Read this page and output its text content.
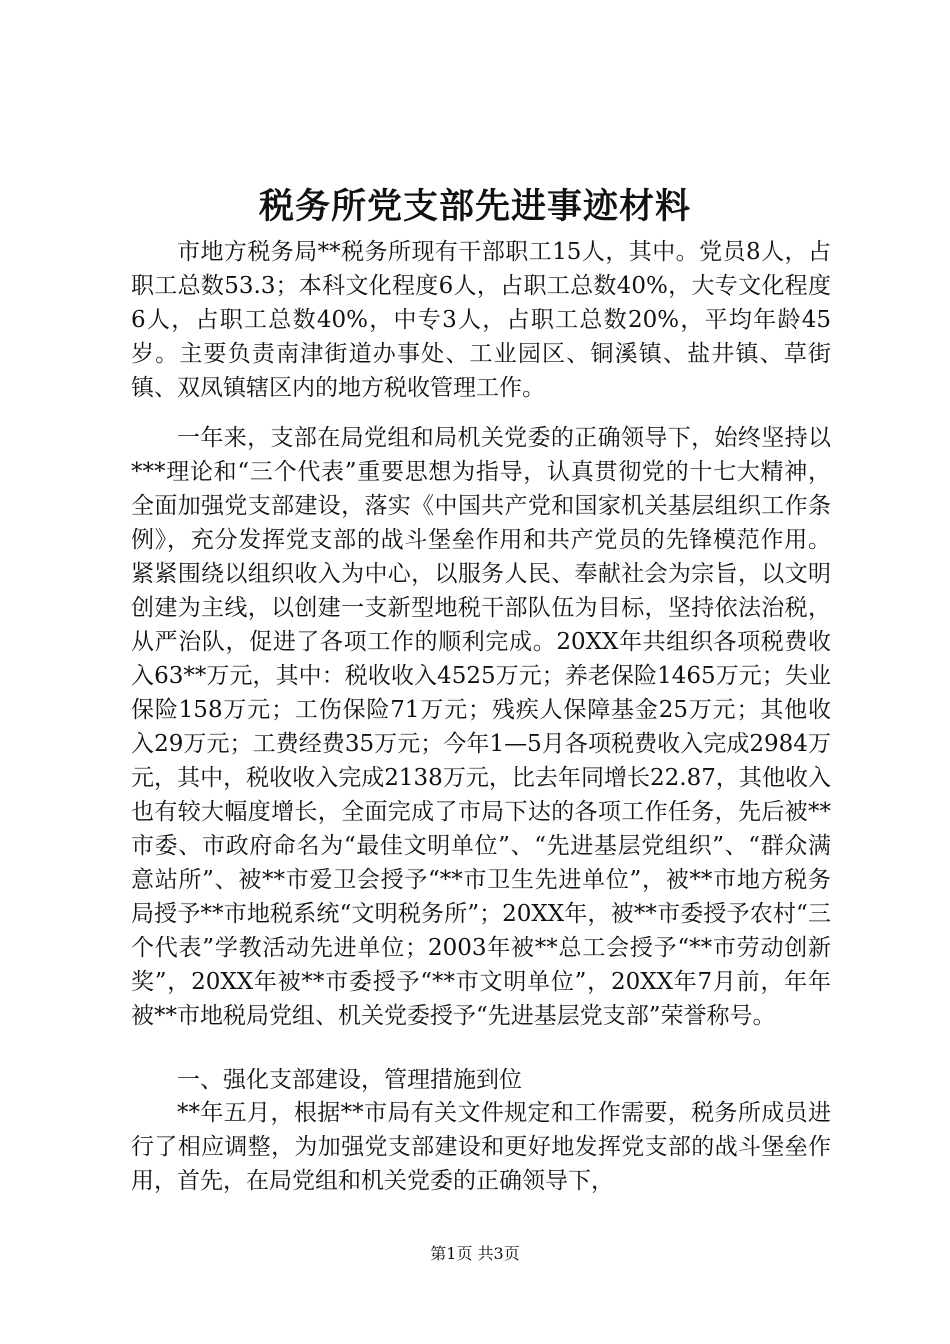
税务所党支部先进事迹材料

市地方税务局**税务所现有干部职工15人，其中。党员8人，占职工总数53.3；本科文化程度6人，占职工总数40%，大专文化程度6人，占职工总数40%，中专3人，占职工总数20%，平均年龄45岁。主要负责南津街道办事处、工业园区、铜溪镇、盐井镇、草街镇、双凤镇辖区内的地方税收管理工作。

一年来，支部在局党组和局机关党委的正确领导下，始终坚持以***理论和“三个代表”重要思想为指导，认真贯彻党的十七大精神，全面加强党支部建设，落实《中国共产党和国家机关基层组织工作条例》，充分发挥党支部的战斗堡垒作用和共产党员的先锋模范作用。紧紧围绕以组织收入为中心，以服务人民、奉献社会为宗旨，以文明创建为主线，以创建一支新型地税干部队伍为目标，坚持依法治税，从严治队，促进了各项工作的顺利完成。20XX年共组织各项税费收入63**万元，其中：税收收入4525万元；养老保险1465万元；失业保险158万元；工伤保险71万元；残疾人保障基金25万元；其他收入29万元；工费经费35万元；今年1—5月各项税费收入完成2984万元，其中，税收收入完成2138万元，比去年同增长22.87，其他收入也有较大幅度增长，全面完成了市局下达的各项工作任务，先后被**市委、市政府命名为“最佳文明单位”、“先进基层党组织”、“群众满意站所”、被**市爱卫会授予“**市卫生先进单位”，被**市地方税务局授予**市地税系统“文明税务所”；20XX年，被**市委授予农村“三个代表”学教活动先进单位；2003年被**总工会授予“**市劳动创新奖”，20XX年被**市委授予“**市文明单位”，20XX年7月前，年年被**市地税局党组、机关党委授予“先进基层党支部”荣誉称号。

一、强化支部建设，管理措施到位

**年五月，根据**市局有关文件规定和工作需要，税务所成员进行了相应调整，为加强党支部建设和更好地发挥党支部的战斗堡垒作用，首先，在局党组和机关党委的正确领导下，

第1页 共3页
